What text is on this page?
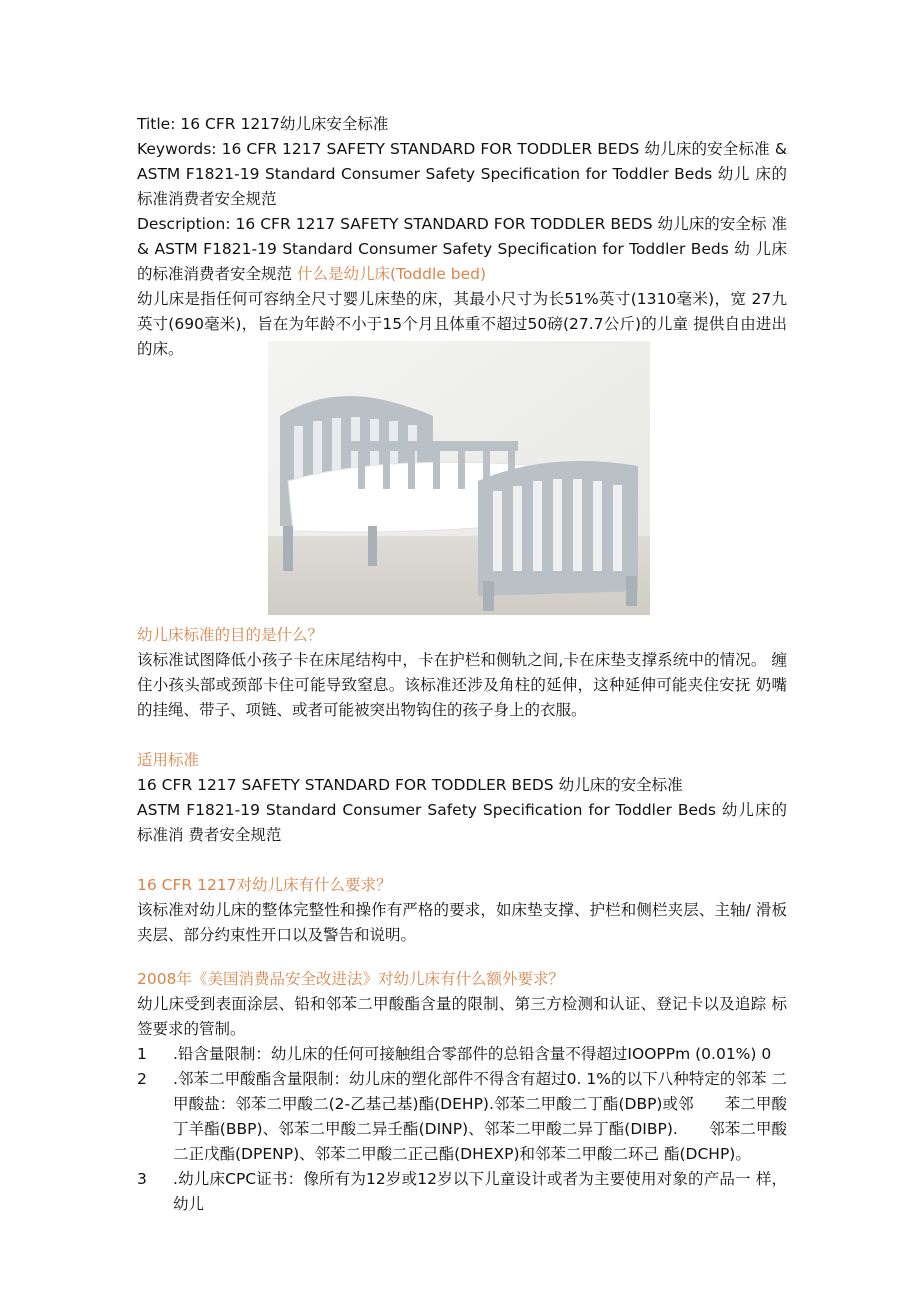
Title: 16 CFR 1217幼儿床安全标准

Keywords: 16 CFR 1217 SAFETY STANDARD FOR TODDLER BEDS 幼儿床的安全标准 & ASTM F1821-19 Standard Consumer Safety Specification for Toddler Beds 幼儿 床的标准消费者安全规范

Description: 16 CFR 1217 SAFETY STANDARD FOR TODDLER BEDS 幼儿床的安全标 准 & ASTM F1821-19 Standard Consumer Safety Specification for Toddler Beds 幼 儿床的标准消费者安全规范 什么是幼儿床(Toddle bed)

幼儿床是指任何可容纳全尺寸婴儿床垫的床，其最小尺寸为长51%英寸(1310毫米)，宽 27九英寸(690毫米)，旨在为年龄不小于15个月且体重不超过50磅(27.7公斤)的儿童 提供自由进出的床。

幼儿床标准的目的是什么？

该标准试图降低小孩子卡在床尾结构中，卡在护栏和侧轨之间,卡在床垫支撑系统中的情况。 缠住小孩头部或颈部卡住可能导致窒息。该标准还涉及角柱的延伸，这种延伸可能夹住安抚 奶嘴的挂绳、带子、项链、或者可能被突出物钩住的孩子身上的衣服。

适用标准

16 CFR 1217 SAFETY STANDARD FOR TODDLER BEDS 幼儿床的安全标准

ASTM F1821-19 Standard Consumer Safety Specification for Toddler Beds 幼儿床的标准消 费者安全规范

16 CFR 1217对幼儿床有什么要求？

该标准对幼儿床的整体完整性和操作有严格的要求，如床垫支撑、护栏和侧栏夹层、主轴/ 滑板夹层、部分约束性开口以及警告和说明。

2008年《美国消费品安全改进法》对幼儿床有什么额外要求？

幼儿床受到表面涂层、铅和邻苯二甲酸酯含量的限制、第三方检测和认证、登记卡以及追踪 标签要求的管制。

1 .铅含量限制：幼儿床的任何可接触组合零部件的总铅含量不得超过IOOPPm (0.01%) 0
2 .邻苯二甲酸酯含量限制：幼儿床的塑化部件不得含有超过0. 1%的以下八种特定的邻苯 二甲酸盐：邻苯二甲酸二(2-乙基己基)酯(DEHP).邻苯二甲酸二丁酯(DBP)或邻　　苯二甲酸丁羊酯(BBP)、邻苯二甲酸二异壬酯(DINP)、邻苯二甲酸二异丁酯(DIBP).　　邻苯二甲酸二正戊酯(DPENP)、邻苯二甲酸二正己酯(DHEXP)和邻苯二甲酸二环己 酯(DCHP)。
3 .幼儿床CPC证书：像所有为12岁或12岁以下儿童设计或者为主要使用对象的产品一 样，幼儿
